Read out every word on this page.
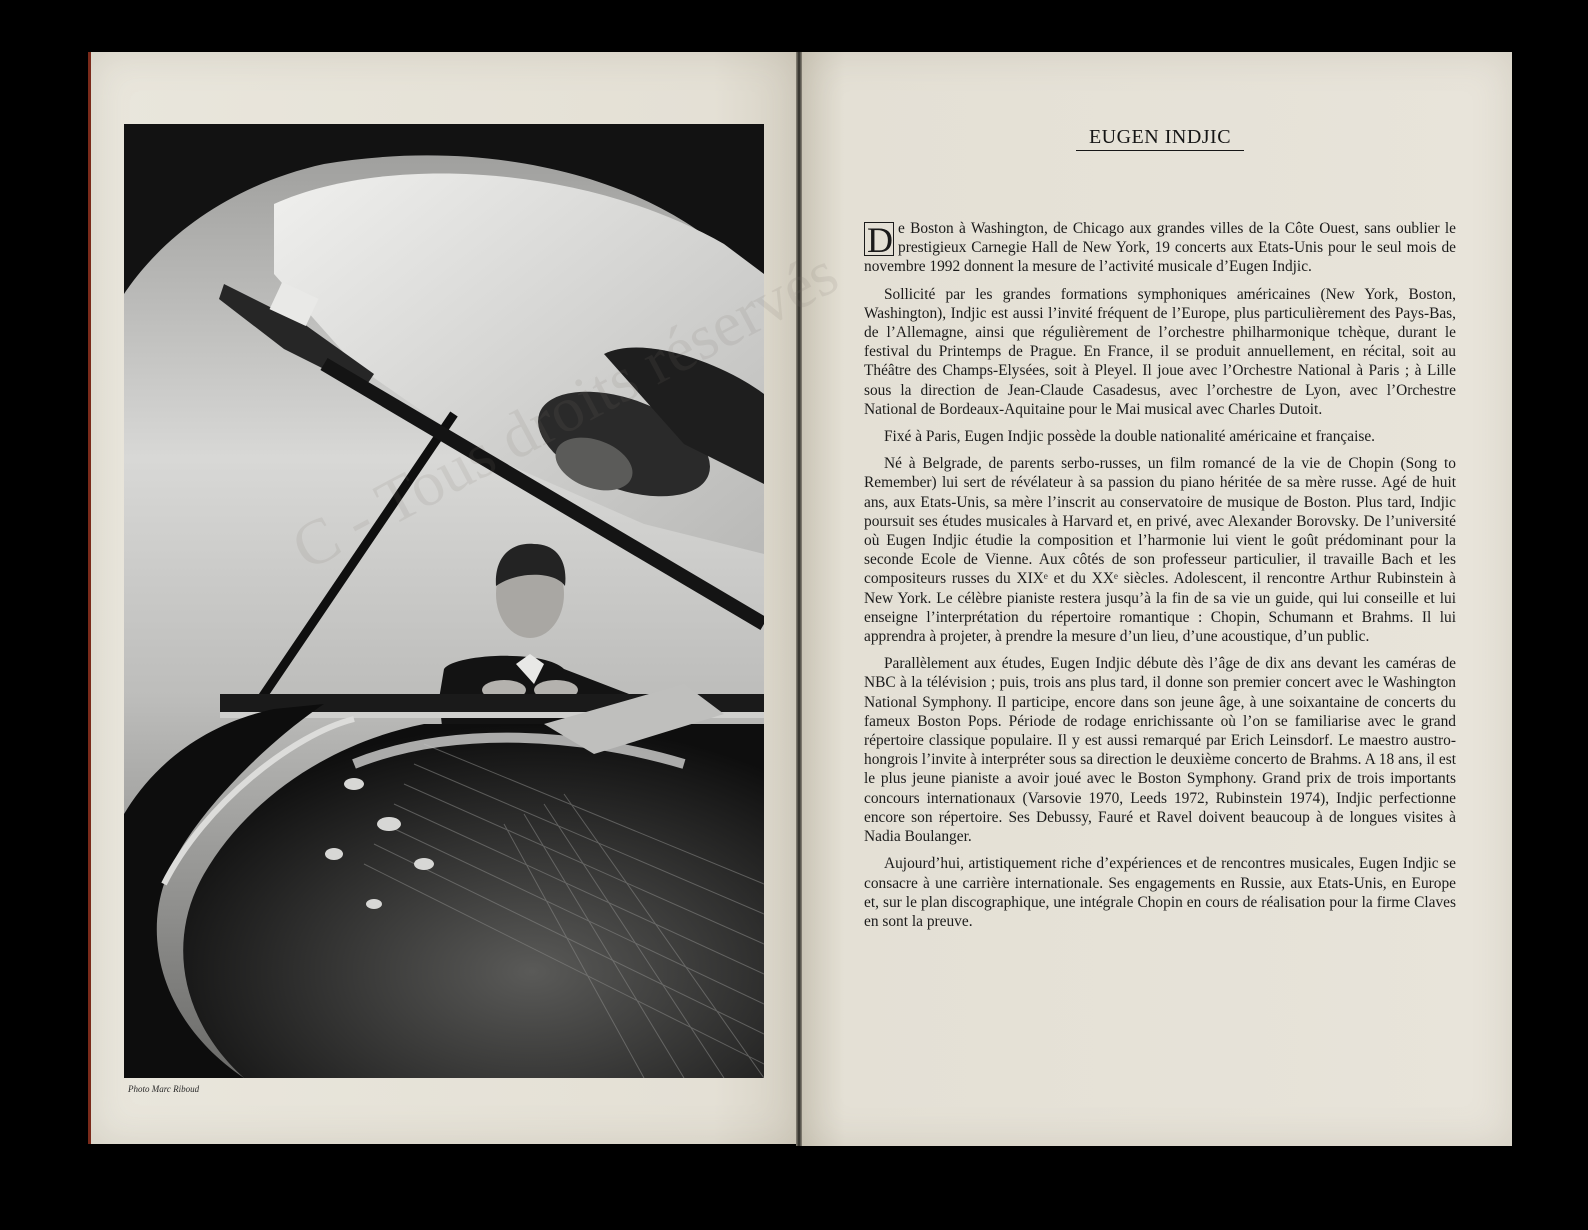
Photo Marc Riboud
EUGEN INDJIC

D e Boston à Washington, de Chicago aux grandes villes de la Côte Ouest, sans oublier le prestigieux Carnegie Hall de New York, 19 concerts aux Etats-Unis pour le seul mois de novembre 1992 donnent la mesure de l’activité musicale d’Eugen Indjic.

Sollicité par les grandes formations symphoniques américaines (New York, Boston, Washington), Indjic est aussi l’invité fréquent de l’Europe, plus particulièrement des Pays-Bas, de l’Allemagne, ainsi que régulièrement de l’orchestre philharmonique tchèque, durant le festival du Printemps de Prague. En France, il se produit annuellement, en récital, soit au Théâtre des Champs-Elysées, soit à Pleyel. Il joue avec l’Orchestre National à Paris ; à Lille sous la direction de Jean-Claude Casadesus, avec l’orchestre de Lyon, avec l’Orchestre National de Bordeaux-Aquitaine pour le Mai musical avec Charles Dutoit.

Fixé à Paris, Eugen Indjic possède la double nationalité américaine et française.

Né à Belgrade, de parents serbo-russes, un film romancé de la vie de Chopin (Song to Remember) lui sert de révélateur à sa passion du piano héritée de sa mère russe. Agé de huit ans, aux Etats-Unis, sa mère l’inscrit au conservatoire de musique de Boston. Plus tard, Indjic poursuit ses études musicales à Harvard et, en privé, avec Alexander Borovsky. De l’université où Eugen Indjic étudie la composition et l’harmonie lui vient le goût prédominant pour la seconde Ecole de Vienne. Aux côtés de son professeur particulier, il travaille Bach et les compositeurs russes du XIXᵉ et du XXᵉ siècles. Adolescent, il rencontre Arthur Rubinstein à New York. Le célèbre pianiste restera jusqu’à la fin de sa vie un guide, qui lui conseille et lui enseigne l’interprétation du répertoire romantique : Chopin, Schumann et Brahms. Il lui apprendra à projeter, à prendre la mesure d’un lieu, d’une acoustique, d’un public.

Parallèlement aux études, Eugen Indjic débute dès l’âge de dix ans devant les caméras de NBC à la télévision ; puis, trois ans plus tard, il donne son premier concert avec le Washington National Symphony. Il participe, encore dans son jeune âge, à une soixantaine de concerts du fameux Boston Pops. Période de rodage enrichissante où l’on se familiarise avec le grand répertoire classique populaire. Il y est aussi remarqué par Erich Leinsdorf. Le maestro austro-hongrois l’invite à interpréter sous sa direction le deuxième concerto de Brahms. A 18 ans, il est le plus jeune pianiste a avoir joué avec le Boston Symphony. Grand prix de trois importants concours internationaux (Varsovie 1970, Leeds 1972, Rubinstein 1974), Indjic perfectionne encore son répertoire. Ses Debussy, Fauré et Ravel doivent beaucoup à de longues visites à Nadia Boulanger.

Aujourd’hui, artistiquement riche d’expériences et de rencontres musicales, Eugen Indjic se consacre à une carrière internationale. Ses engagements en Russie, aux Etats-Unis, en Europe et, sur le plan discographique, une intégrale Chopin en cours de réalisation pour la firme Claves en sont la preuve.
